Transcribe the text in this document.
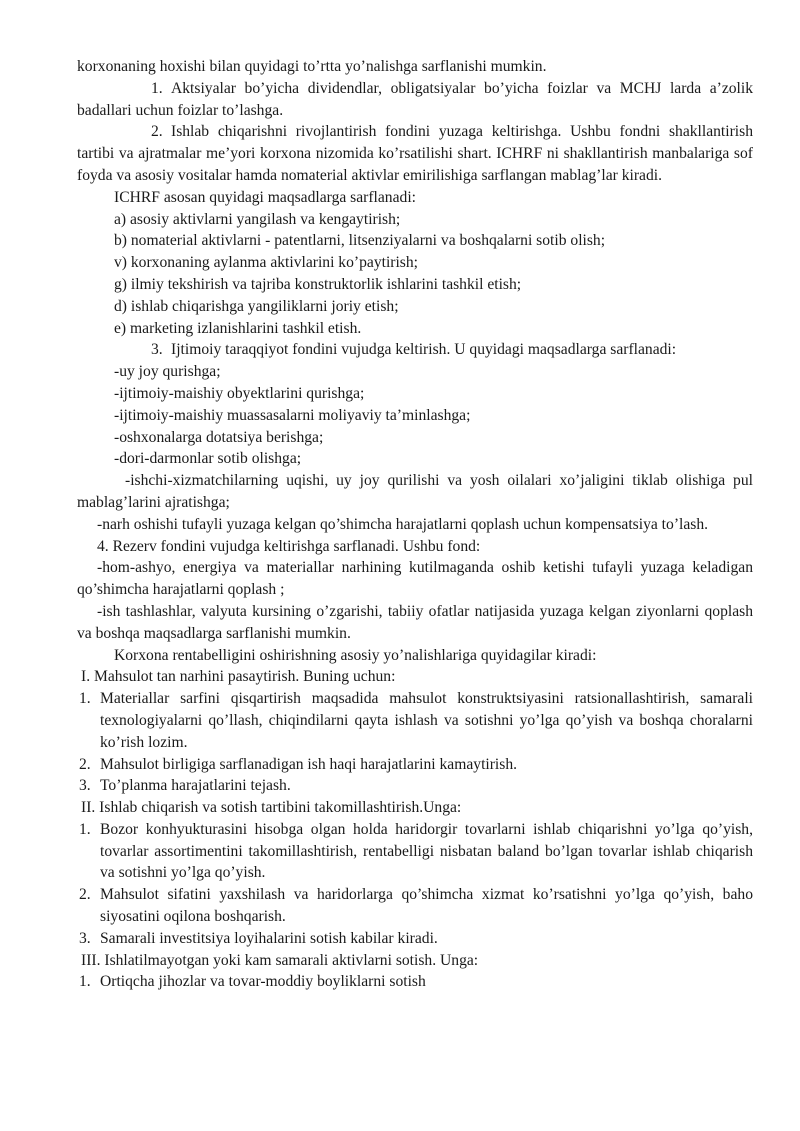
korxonaning hoxishi bilan quyidagi to’rtta yo’nalishga sarflanishi mumkin.

1. Aktsiyalar bo’yicha dividendlar, obligatsiyalar bo’yicha foizlar va MCHJ larda a’zolik badallari uchun foizlar to’lashga.

2. Ishlab chiqarishni rivojlantirish fondini yuzaga keltirishga. Ushbu fondni shakllantirish tartibi va ajratmalar me’yori korxona nizomida ko’rsatilishi shart. ICHRF ni shakllantirish manbalariga sof foyda va asosiy vositalar hamda nomaterial aktivlar emirilishiga sarflangan mablag’lar kiradi.

ICHRF asosan quyidagi maqsadlarga sarflanadi:

a) asosiy aktivlarni yangilash va kengaytirish;

b) nomaterial aktivlarni - patentlarni, litsenziyalarni va boshqalarni sotib olish;

v) korxonaning aylanma aktivlarini ko’paytirish;

g) ilmiy tekshirish va tajriba konstruktorlik ishlarini tashkil etish;

d) ishlab chiqarishga yangiliklarni joriy etish;

e) marketing izlanishlarini tashkil etish.

3. Ijtimoiy taraqqiyot fondini vujudga keltirish. U quyidagi maqsadlarga sarflanadi:

-uy joy qurishga;

-ijtimoiy-maishiy obyektlarini qurishga;

-ijtimoiy-maishiy muassasalarni moliyaviy ta’minlashga;

-oshxonalarga dotatsiya berishga;

-dori-darmonlar sotib olishga;

-ishchi-xizmatchilarning uqishi, uy joy qurilishi va yosh oilalari xo’jaligini tiklab olishiga pul mablag’larini ajratishga;

-narh oshishi tufayli yuzaga kelgan qo’shimcha harajatlarni qoplash uchun kompensatsiya to’lash.

4. Rezerv fondini vujudga keltirishga sarflanadi. Ushbu fond:

-hom-ashyo, energiya va materiallar narhining kutilmaganda oshib ketishi tufayli yuzaga keladigan qo’shimcha harajatlarni qoplash ;

-ish tashlashlar, valyuta kursining o’zgarishi, tabiiy ofatlar natijasida yuzaga kelgan ziyonlarni qoplash va boshqa maqsadlarga sarflanishi mumkin.

Korxona rentabelligini oshirishning asosiy yo’nalishlariga quyidagilar kiradi:

I. Mahsulot tan narhini pasaytirish. Buning uchun:

1. Materiallar sarfini qisqartirish maqsadida mahsulot konstruktsiyasini ratsionallashtirish, samarali texnologiyalarni qo’llash, chiqindilarni qayta ishlash va sotishni yo’lga qo’yish va boshqa choralarni ko’rish lozim.
2. Mahsulot birligiga sarflanadigan ish haqi harajatlarini kamaytirish.
3. To’planma harajatlarini tejash.

II. Ishlab chiqarish va sotish tartibini takomillashtirish.Unga:

1. Bozor konhyukturasini hisobga olgan holda haridorgir tovarlarni ishlab chiqarishni yo’lga qo’yish, tovarlar assortimentini takomillashtirish, rentabelligi nisbatan baland bo’lgan tovarlar ishlab chiqarish va sotishni yo’lga qo’yish.
2. Mahsulot sifatini yaxshilash va haridorlarga qo’shimcha xizmat ko’rsatishni yo’lga qo’yish, baho siyosatini oqilona boshqarish.
3. Samarali investitsiya loyihalarini sotish kabilar kiradi.

III. Ishlatilmayotgan yoki kam samarali aktivlarni sotish. Unga:

1. Ortiqcha jihozlar va tovar-moddiy boyliklarni sotish
